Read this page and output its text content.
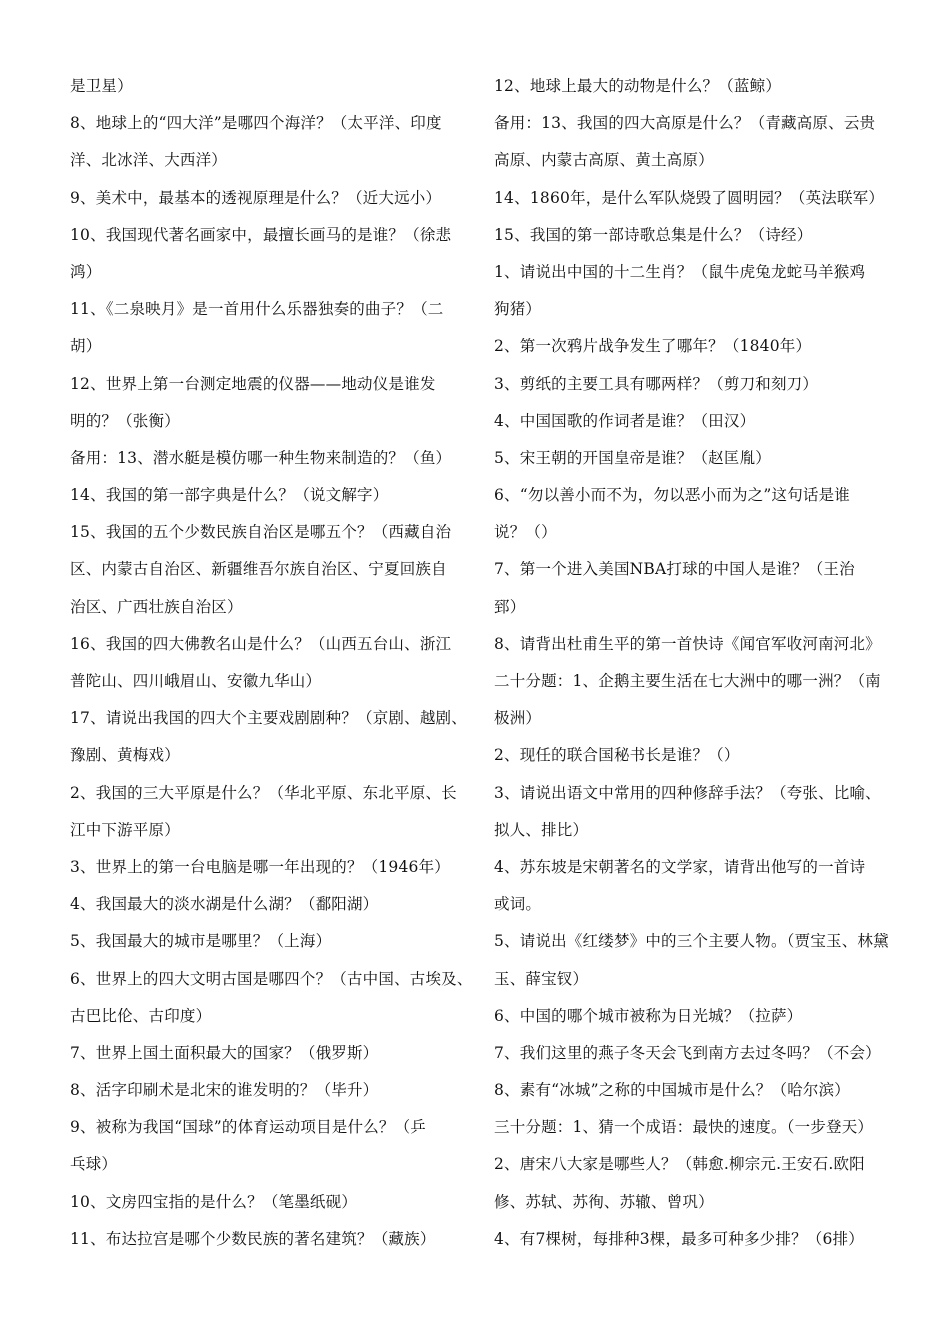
是卫星）
8、地球上的“四大洋”是哪四个海洋？（太平洋、印度
洋、北冰洋、大西洋）
9、美术中，最基本的透视原理是什么？（近大远小）
10、我国现代著名画家中，最擅长画马的是谁？（徐悲
鸿）
11、《二泉映月》是一首用什么乐器独奏的曲子？（二
胡）
12、世界上第一台测定地震的仪器——地动仪是谁发
明的？（张衡）
备用：13、潜水艇是模仿哪一种生物来制造的？（鱼）
14、我国的第一部字典是什么？（说文解字）
15、我国的五个少数民族自治区是哪五个？（西藏自治
区、内蒙古自治区、新疆维吾尔族自治区、宁夏回族自
治区、广西壮族自治区）
16、我国的四大佛教名山是什么？（山西五台山、浙江
普陀山、四川峨眉山、安徽九华山）
17、请说出我国的四大个主要戏剧剧种？（京剧、越剧、
豫剧、黄梅戏）
2、我国的三大平原是什么？（华北平原、东北平原、长
江中下游平原）
3、世界上的第一台电脑是哪一年出现的？（1946年）
4、我国最大的淡水湖是什么湖？（鄱阳湖）
5、我国最大的城市是哪里？（上海）
6、世界上的四大文明古国是哪四个？（古中国、古埃及、
古巴比伦、古印度）
7、世界上国土面积最大的国家？（俄罗斯）
8、活字印刷术是北宋的谁发明的？（毕升）
9、被称为我国“国球”的体育运动项目是什么？（乒
乓球）
10、文房四宝指的是什么？（笔墨纸砚）
11、布达拉宫是哪个少数民族的著名建筑？（藏族）
12、地球上最大的动物是什么？（蓝鲸）
备用：13、我国的四大高原是什么？（青藏高原、云贵
高原、内蒙古高原、黄土高原）
14、1860年，是什么军队烧毁了圆明园？（英法联军）
15、我国的第一部诗歌总集是什么？（诗经）
1、请说出中国的十二生肖？（鼠牛虎兔龙蛇马羊猴鸡
狗猪）
2、第一次鸦片战争发生了哪年？（1840年）
3、剪纸的主要工具有哪两样？（剪刀和刻刀）
4、中国国歌的作词者是谁？（田汉）
5、宋王朝的开国皇帝是谁？（赵匡胤）
6、“勿以善小而不为，勿以恶小而为之”这句话是谁
说？（）
7、第一个进入美国NBA打球的中国人是谁？（王治
郅）
8、请背出杜甫生平的第一首快诗《闻官军收河南河北》
二十分题：1、企鹅主要生活在七大洲中的哪一洲？（南
极洲）
2、现任的联合国秘书长是谁？（）
3、请说出语文中常用的四种修辞手法？（夸张、比喻、
拟人、排比）
4、苏东坡是宋朝著名的文学家，请背出他写的一首诗
或词。
5、请说出《红缕梦》中的三个主要人物。（贾宝玉、林黛
玉、薛宝钗）
6、中国的哪个城市被称为日光城？（拉萨）
7、我们这里的燕子冬天会飞到南方去过冬吗？（不会）
8、素有“冰城”之称的中国城市是什么？（哈尔滨）
三十分题：1、猜一个成语：最快的速度。（一步登天）
2、唐宋八大家是哪些人？（韩愈.柳宗元.王安石.欧阳
修、苏轼、苏徇、苏辙、曾巩）
4、有7棵树，每排种3棵，最多可种多少排？（6排）
